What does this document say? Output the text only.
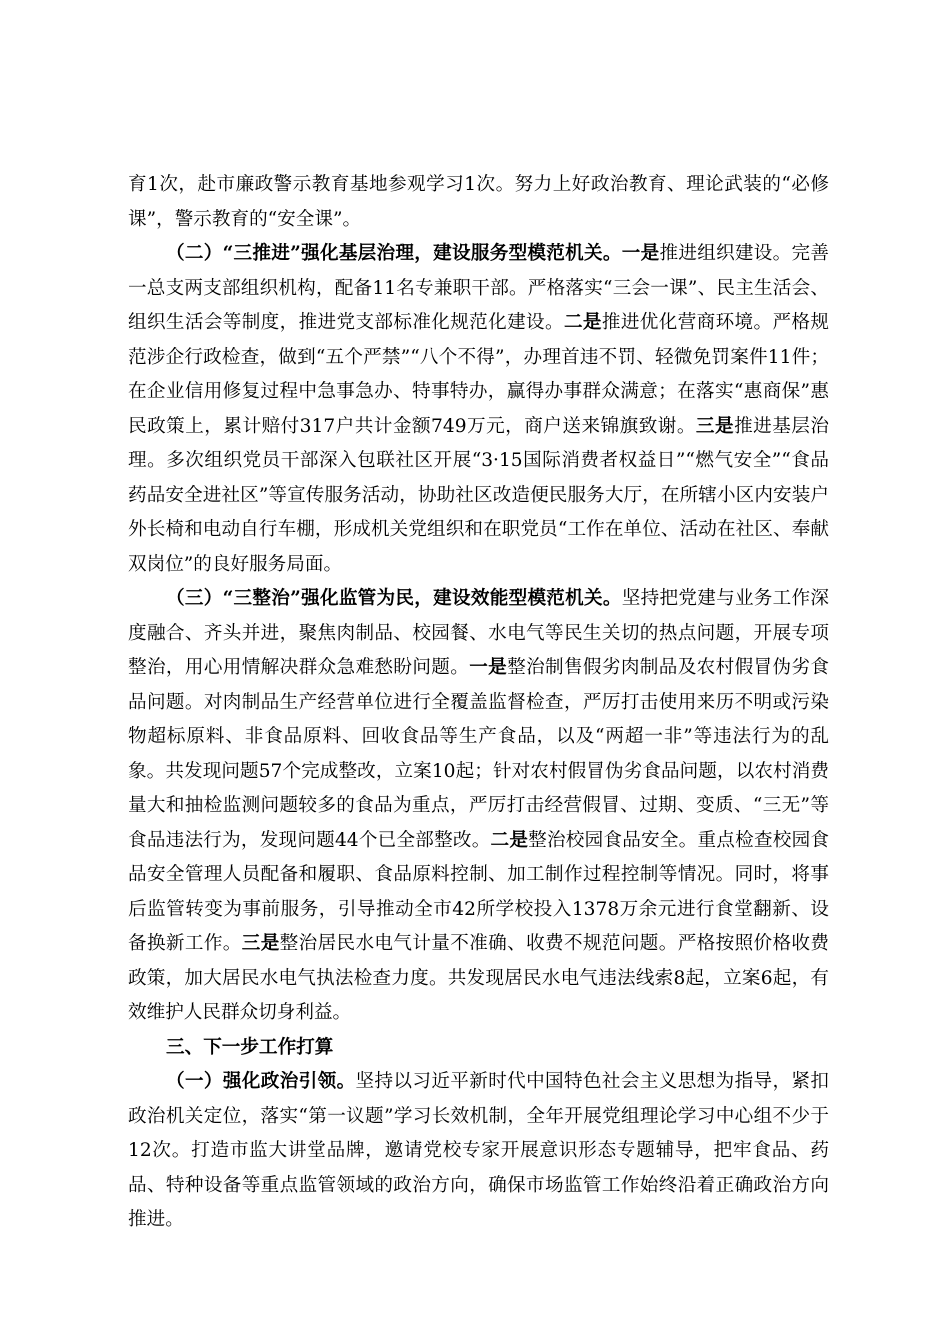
育1次，赴市廉政警示教育基地参观学习1次。努力上好政治教育、理论武装的“必修课”，警示教育的“安全课”。

（二）“三推进”强化基层治理，建设服务型模范机关。一是推进组织建设。完善一总支两支部组织机构，配备11名专兼职干部。严格落实“三会一课”、民主生活会、组织生活会等制度，推进党支部标准化规范化建设。二是推进优化营商环境。严格规范涉企行政检查，做到“五个严禁”“八个不得”，办理首违不罚、轻微免罚案件11件；在企业信用修复过程中急事急办、特事特办，赢得办事群众满意；在落实“惠商保”惠民政策上，累计赔付317户共计金额749万元，商户送来锦旗致谢。三是推进基层治理。多次组织党员干部深入包联社区开展“3·15国际消费者权益日”“燃气安全”“食品药品安全进社区”等宣传服务活动，协助社区改造便民服务大厅，在所辖小区内安装户外长椅和电动自行车棚，形成机关党组织和在职党员“工作在单位、活动在社区、奉献双岗位”的良好服务局面。

（三）“三整治”强化监管为民，建设效能型模范机关。坚持把党建与业务工作深度融合、齐头并进，聚焦肉制品、校园餐、水电气等民生关切的热点问题，开展专项整治，用心用情解决群众急难愁盼问题。一是整治制售假劣肉制品及农村假冒伪劣食品问题。对肉制品生产经营单位进行全覆盖监督检查，严厉打击使用来历不明或污染物超标原料、非食品原料、回收食品等生产食品，以及“两超一非”等违法行为的乱象。共发现问题57个完成整改，立案10起；针对农村假冒伪劣食品问题，以农村消费量大和抽检监测问题较多的食品为重点，严厉打击经营假冒、过期、变质、“三无”等食品违法行为，发现问题44个已全部整改。二是整治校园食品安全。重点检查校园食品安全管理人员配备和履职、食品原料控制、加工制作过程控制等情况。同时，将事后监管转变为事前服务，引导推动全市42所学校投入1378万余元进行食堂翻新、设备换新工作。三是整治居民水电气计量不准确、收费不规范问题。严格按照价格收费政策，加大居民水电气执法检查力度。共发现居民水电气违法线索8起，立案6起，有效维护人民群众切身利益。

三、下一步工作打算

（一）强化政治引领。坚持以习近平新时代中国特色社会主义思想为指导，紧扣政治机关定位，落实“第一议题”学习长效机制，全年开展党组理论学习中心组不少于12次。打造市监大讲堂品牌，邀请党校专家开展意识形态专题辅导，把牢食品、药品、特种设备等重点监管领域的政治方向，确保市场监管工作始终沿着正确政治方向推进。
